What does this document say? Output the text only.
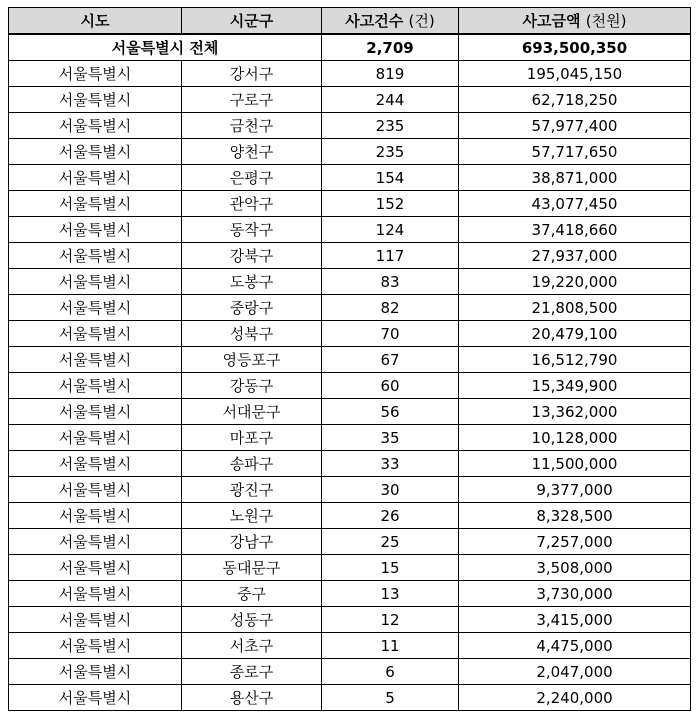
시도	시군구	사고건수 (건)	사고금액 (천원)
서울특별시 전체		2,709	693,500,350
서울특별시	강서구	819	195,045,150
서울특별시	구로구	244	62,718,250
서울특별시	금천구	235	57,977,400
서울특별시	양천구	235	57,717,650
서울특별시	은평구	154	38,871,000
서울특별시	관악구	152	43,077,450
서울특별시	동작구	124	37,418,660
서울특별시	강북구	117	27,937,000
서울특별시	도봉구	83	19,220,000
서울특별시	중랑구	82	21,808,500
서울특별시	성북구	70	20,479,100
서울특별시	영등포구	67	16,512,790
서울특별시	강동구	60	15,349,900
서울특별시	서대문구	56	13,362,000
서울특별시	마포구	35	10,128,000
서울특별시	송파구	33	11,500,000
서울특별시	광진구	30	9,377,000
서울특별시	노원구	26	8,328,500
서울특별시	강남구	25	7,257,000
서울특별시	동대문구	15	3,508,000
서울특별시	중구	13	3,730,000
서울특별시	성동구	12	3,415,000
서울특별시	서초구	11	4,475,000
서울특별시	종로구	6	2,047,000
서울특별시	용산구	5	2,240,000
